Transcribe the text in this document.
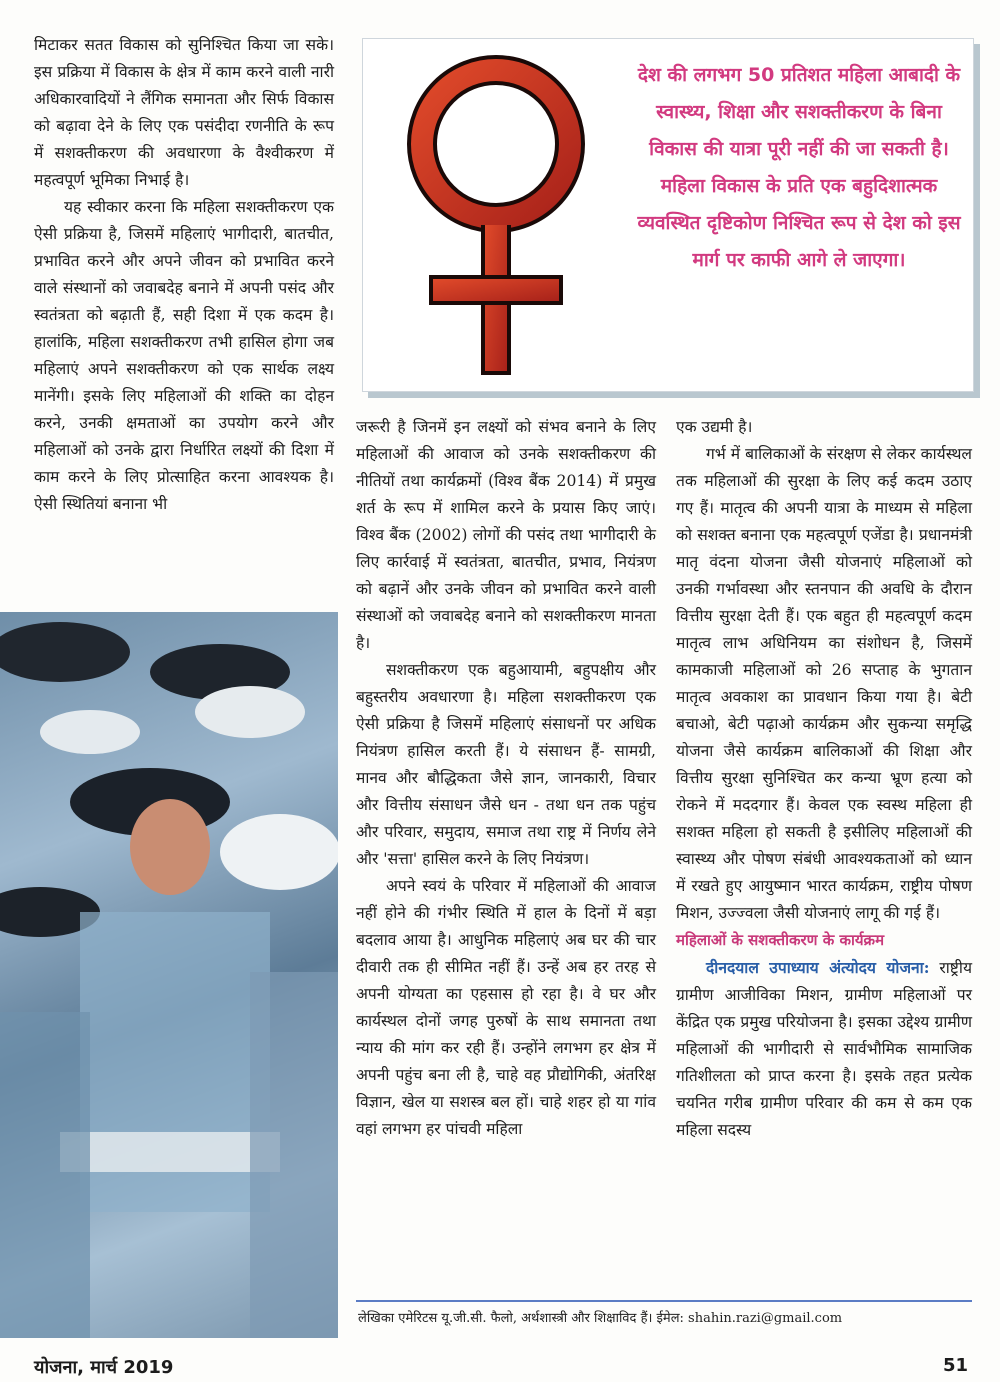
मिटाकर सतत विकास को सुनिश्चित किया जा सके। इस प्रक्रिया में विकास के क्षेत्र में काम करने वाली नारी अधिकारवादियों ने लैंगिक समानता और सिर्फ विकास को बढ़ावा देने के लिए एक पसंदीदा रणनीति के रूप में सशक्तीकरण की अवधारणा के वैश्वीकरण में महत्वपूर्ण भूमिका निभाई है।

यह स्वीकार करना कि महिला सशक्तीकरण एक ऐसी प्रक्रिया है, जिसमें महिलाएं भागीदारी, बातचीत, प्रभावित करने और अपने जीवन को प्रभावित करने वाले संस्थानों को जवाबदेह बनाने में अपनी पसंद और स्वतंत्रता को बढ़ाती हैं, सही दिशा में एक कदम है। हालांकि, महिला सशक्तीकरण तभी हासिल होगा जब महिलाएं अपने सशक्तीकरण को एक सार्थक लक्ष्य मानेंगी। इसके लिए महिलाओं की शक्ति का दोहन करने, उनकी क्षमताओं का उपयोग करने और महिलाओं को उनके द्वारा निर्धारित लक्ष्यों की दिशा में काम करने के लिए प्रोत्साहित करना आवश्यक है। ऐसी स्थितियां बनाना भी

देश की लगभग 50 प्रतिशत महिला आबादी के स्वास्थ्य, शिक्षा और सशक्तीकरण के बिना विकास की यात्रा पूरी नहीं की जा सकती है। महिला विकास के प्रति एक बहुदिशात्मक व्यवस्थित दृष्टिकोण निश्चित रूप से देश को इस मार्ग पर काफी आगे ले जाएगा।

जरूरी है जिनमें इन लक्ष्यों को संभव बनाने के लिए महिलाओं की आवाज को उनके सशक्तीकरण की नीतियों तथा कार्यक्रमों (विश्व बैंक 2014) में प्रमुख शर्त के रूप में शामिल करने के प्रयास किए जाएं। विश्व बैंक (2002) लोगों की पसंद तथा भागीदारी के लिए कार्रवाई में स्वतंत्रता, बातचीत, प्रभाव, नियंत्रण को बढ़ानें और उनके जीवन को प्रभावित करने वाली संस्थाओं को जवाबदेह बनाने को सशक्तीकरण मानता है।

सशक्तीकरण एक बहुआयामी, बहुपक्षीय और बहुस्तरीय अवधारणा है। महिला सशक्तीकरण एक ऐसी प्रक्रिया है जिसमें महिलाएं संसाधनों पर अधिक नियंत्रण हासिल करती हैं। ये संसाधन हैं- सामग्री, मानव और बौद्धिकता जैसे ज्ञान, जानकारी, विचार और वित्तीय संसाधन जैसे धन - तथा धन तक पहुंच और परिवार, समुदाय, समाज तथा राष्ट्र में निर्णय लेने और 'सत्ता' हासिल करने के लिए नियंत्रण।

अपने स्वयं के परिवार में महिलाओं की आवाज नहीं होने की गंभीर स्थिति में हाल के दिनों में बड़ा बदलाव आया है। आधुनिक महिलाएं अब घर की चार दीवारी तक ही सीमित नहीं हैं। उन्हें अब हर तरह से अपनी योग्यता का एहसास हो रहा है। वे घर और कार्यस्थल दोनों जगह पुरुषों के साथ समानता तथा न्याय की मांग कर रही हैं। उन्होंने लगभग हर क्षेत्र में अपनी पहुंच बना ली है, चाहे वह प्रौद्योगिकी, अंतरिक्ष विज्ञान, खेल या सशस्त्र बल हों। चाहे शहर हो या गांव वहां लगभग हर पांचवी महिला

एक उद्यमी है।

गर्भ में बालिकाओं के संरक्षण से लेकर कार्यस्थल तक महिलाओं की सुरक्षा के लिए कई कदम उठाए गए हैं। मातृत्व की अपनी यात्रा के माध्यम से महिला को सशक्त बनाना एक महत्वपूर्ण एजेंडा है। प्रधानमंत्री मातृ वंदना योजना जैसी योजनाएं महिलाओं को उनकी गर्भावस्था और स्तनपान की अवधि के दौरान वित्तीय सुरक्षा देती हैं। एक बहुत ही महत्वपूर्ण कदम मातृत्व लाभ अधिनियम का संशोधन है, जिसमें कामकाजी महिलाओं को 26 सप्ताह के भुगतान मातृत्व अवकाश का प्रावधान किया गया है। बेटी बचाओ, बेटी पढ़ाओ कार्यक्रम और सुकन्या समृद्धि योजना जैसे कार्यक्रम बालिकाओं की शिक्षा और वित्तीय सुरक्षा सुनिश्चित कर कन्या भ्रूण हत्या को रोकने में मददगार हैं। केवल एक स्वस्थ महिला ही सशक्त महिला हो सकती है इसीलिए महिलाओं की स्वास्थ्य और पोषण संबंधी आवश्यकताओं को ध्यान में रखते हुए आयुष्मान भारत कार्यक्रम, राष्ट्रीय पोषण मिशन, उज्ज्वला जैसी योजनाएं लागू की गई हैं।

महिलाओं के सशक्तीकरण के कार्यक्रम

दीनदयाल उपाध्याय अंत्योदय योजना: राष्ट्रीय ग्रामीण आजीविका मिशन, ग्रामीण महिलाओं पर केंद्रित एक प्रमुख परियोजना है। इसका उद्देश्य ग्रामीण महिलाओं की भागीदारी से सार्वभौमिक सामाजिक गतिशीलता को प्राप्त करना है। इसके तहत प्रत्येक चयनित गरीब ग्रामीण परिवार की कम से कम एक महिला सदस्य

लेखिका एमेरिटस यू.जी.सी. फैलो, अर्थशास्त्री और शिक्षाविद हैं। ईमेल: shahin.razi@gmail.com
योजना, मार्च 2019	51
